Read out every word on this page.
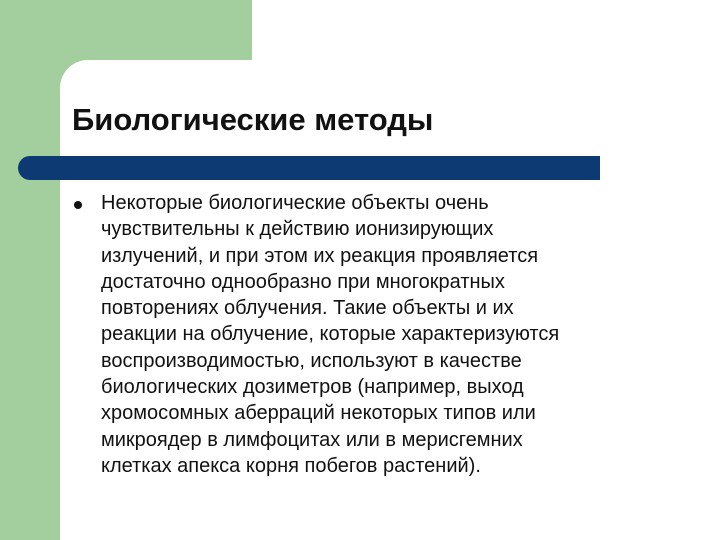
Биологические методы

Некоторые биологические объекты очень
чувствительны к действию ионизирующих
излучений, и при этом их реакция проявляется
достаточно однообразно при многократных
повторениях облучения. Такие объекты и их
реакции на облучение, которые характеризуются
воспроизводимостью, используют в качестве
биологических дозиметров (например, выход
хромосомных аберраций некоторых типов или
микроядер в лимфоцитах или в мерисгемних
клетках апекса корня побегов растений).
